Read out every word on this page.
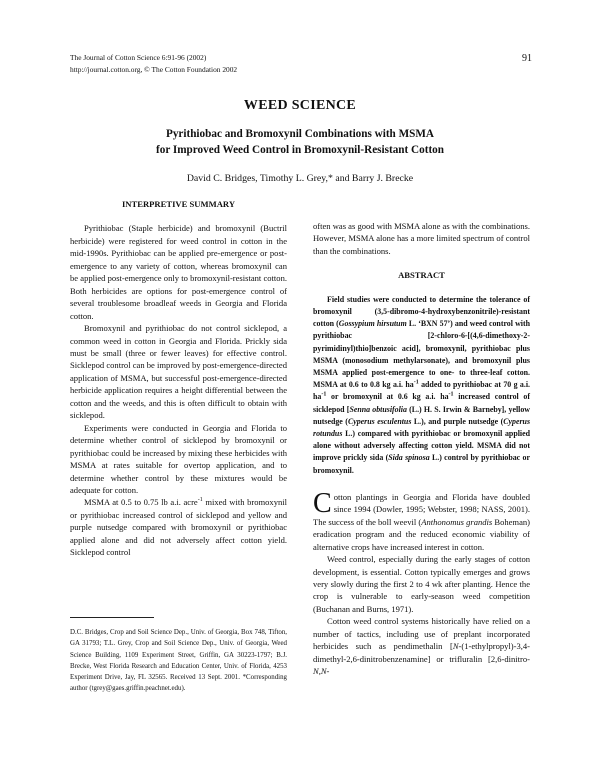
The Journal of Cotton Science 6:91-96 (2002)
http://journal.cotton.org, © The Cotton Foundation 2002
91
WEED SCIENCE
Pyrithiobac and Bromoxynil Combinations with MSMA
for Improved Weed Control in Bromoxynil-Resistant Cotton
David C. Bridges, Timothy L. Grey,* and Barry J. Brecke
INTERPRETIVE SUMMARY

Pyrithiobac (Staple herbicide) and bromoxynil (Buctril herbicide) were registered for weed control in cotton in the mid-1990s. Pyrithiobac can be applied pre-emergence or post-emergence to any variety of cotton, whereas bromoxynil can be applied post-emergence only to bromoxynil-resistant cotton. Both herbicides are options for post-emergence control of several troublesome broadleaf weeds in Georgia and Florida cotton.

Bromoxynil and pyrithiobac do not control sicklepod, a common weed in cotton in Georgia and Florida. Prickly sida must be small (three or fewer leaves) for effective control. Sicklepod control can be improved by post-emergence-directed application of MSMA, but successful post-emergence-directed herbicide application requires a height differential between the cotton and the weeds, and this is often difficult to obtain with sicklepod.

Experiments were conducted in Georgia and Florida to determine whether control of sicklepod by bromoxynil or pyrithiobac could be increased by mixing these herbicides with MSMA at rates suitable for overtop application, and to determine whether control by these mixtures would be adequate for cotton.

MSMA at 0.5 to 0.75 lb a.i. acre$^{-1}$ mixed with bromoxynil or pyrithiobac increased control of sicklepod and yellow and purple nutsedge compared with bromoxynil or pyrithiobac applied alone and did not adversely affect cotton yield. Sicklepod control

D.C. Bridges, Crop and Soil Science Dep., Univ. of Georgia, Box 748, Tifton, GA 31793; T.L. Grey, Crop and Soil Science Dep., Univ. of Georgia, Weed Science Building, 1109 Experiment Street, Griffin, GA 30223-1797; B.J. Brecke, West Florida Research and Education Center, Univ. of Florida, 4253 Experiment Drive, Jay, FL 32565. Received 13 Sept. 2001. *Corresponding author (tgrey@gaes.griffin.peachnet.edu).

often was as good with MSMA alone as with the combinations. However, MSMA alone has a more limited spectrum of control than the combinations.

ABSTRACT

Field studies were conducted to determine the tolerance of bromoxynil (3,5-dibromo-4-hydroxybenzonitrile)-resistant cotton (Gossypium hirsutum L. ‘BXN 57’) and weed control with pyrithiobac [2-chloro-6-[(4,6-dimethoxy-2-pyrimidinyl)thio]benzoic acid], bromoxynil, pyrithiobac plus MSMA (monosodium methylarsonate), and bromoxynil plus MSMA applied post-emergence to one- to three-leaf cotton. MSMA at 0.6 to 0.8 kg a.i. $ha^{-1}$ added to pyrithiobac at 70 g a.i. $ha^{-1}$ or bromoxynil at 0.6 kg a.i. $ha^{-1}$ increased control of sicklepod [Senna obtusifolia (L.) H. S. Irwin & Barneby], yellow nutsedge (Cyperus esculentus L.), and purple nutsedge (Cyperus rotundus L.) compared with pyrithiobac or bromoxynil applied alone without adversely affecting cotton yield. MSMA did not improve prickly sida (Sida spinosa L.) control by pyrithiobac or bromoxynil.

Cotton plantings in Georgia and Florida have doubled since 1994 (Dowler, 1995; Webster, 1998; NASS, 2001). The success of the boll weevil (Anthonomus grandis Boheman) eradication program and the reduced economic viability of alternative crops have increased interest in cotton.

Weed control, especially during the early stages of cotton development, is essential. Cotton typically emerges and grows very slowly during the first 2 to 4 wk after planting. Hence the crop is vulnerable to early-season weed competition (Buchanan and Burns, 1971).

Cotton weed control systems historically have relied on a number of tactics, including use of preplant incorporated herbicides such as pendimethalin [N-(1-ethylpropyl)-3,4-dimethyl-2,6-dinitrobenzenamine] or trifluralin [2,6-dinitro-N,N-
